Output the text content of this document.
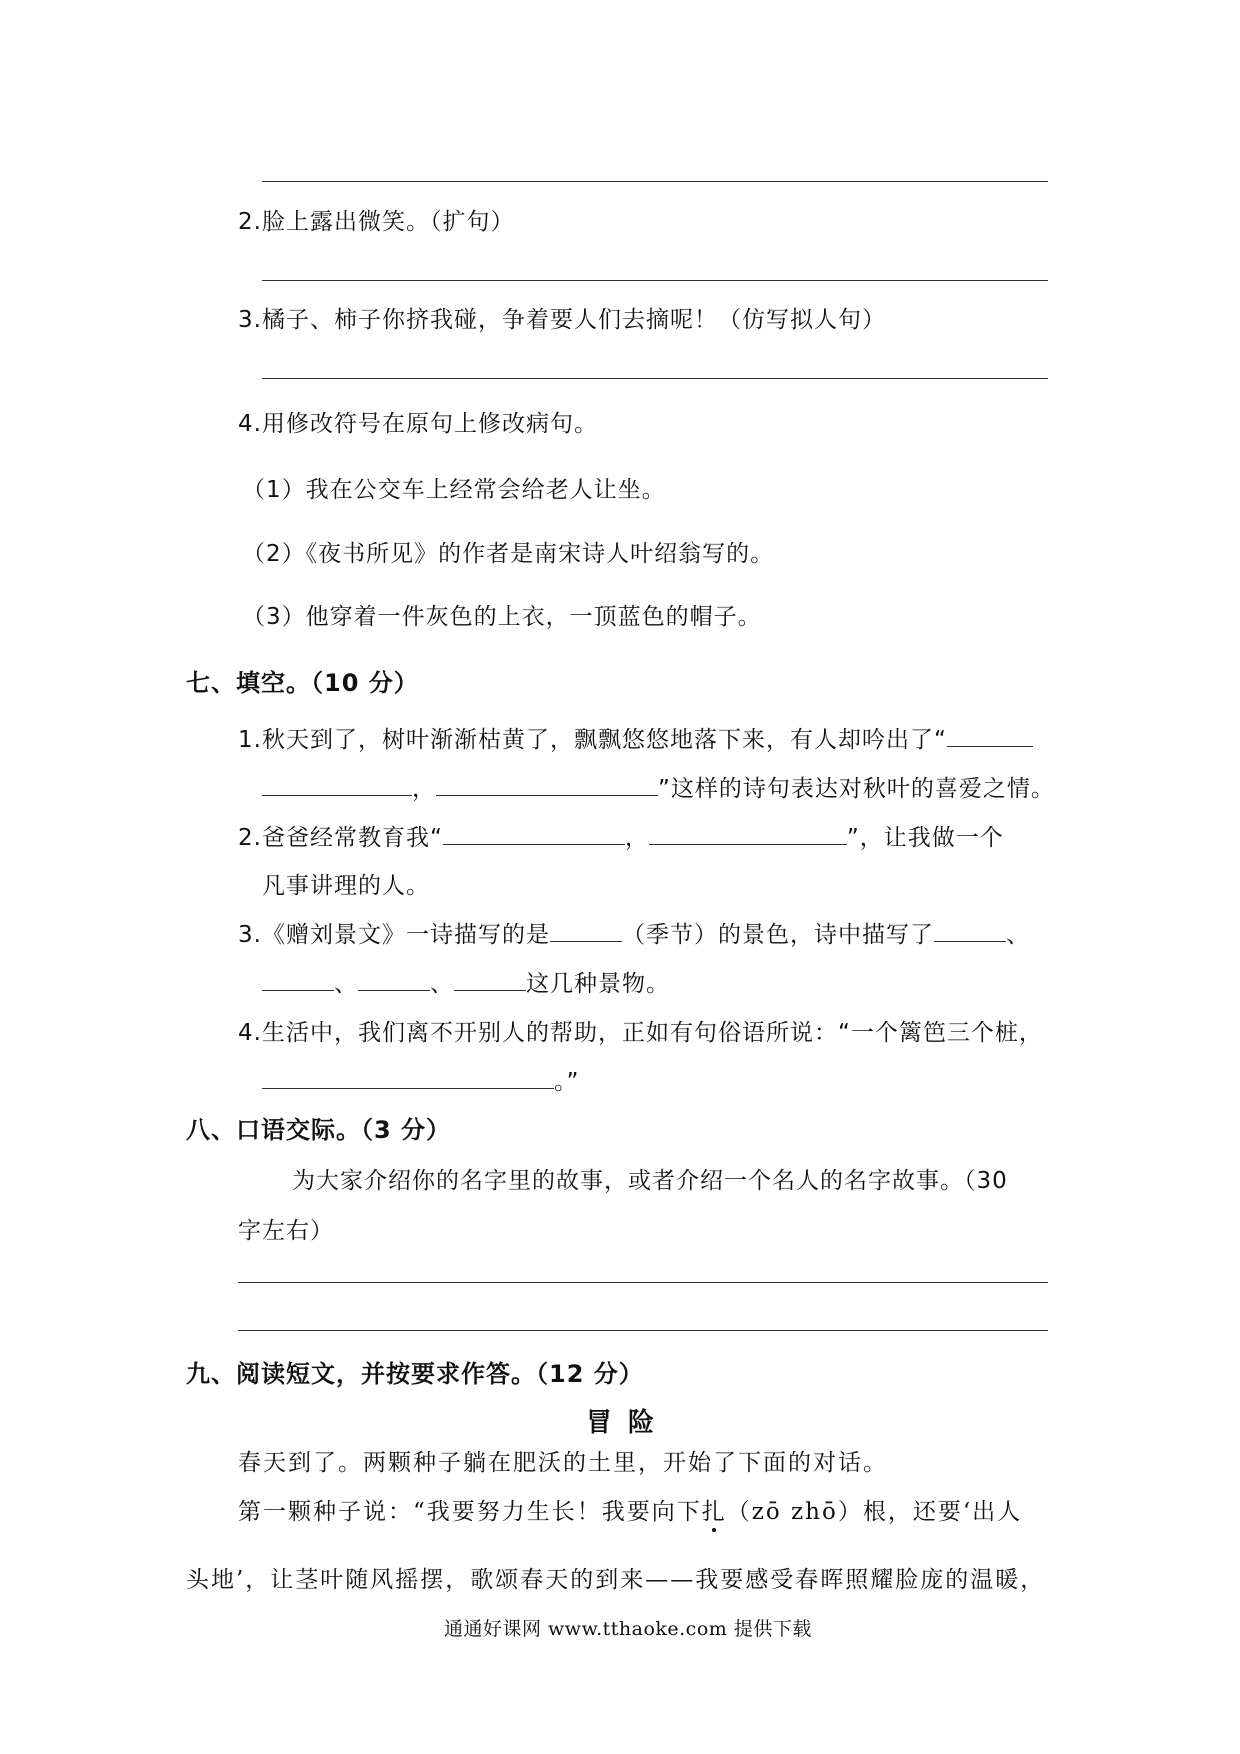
2.脸上露出微笑。（扩句）
3.橘子、柿子你挤我碰，争着要人们去摘呢！（仿写拟人句）
4.用修改符号在原句上修改病句。
（1）我在公交车上经常会给老人让坐。
（2）《夜书所见》的作者是南宋诗人叶绍翁写的。
（3）他穿着一件灰色的上衣，一顶蓝色的帽子。
七、填空。（10 分）
1.秋天到了，树叶渐渐枯黄了，飘飘悠悠地落下来，有人却吟出了“
，	”这样的诗句表达对秋叶的喜爱之情。
2.爸爸经常教育我“	，	”，让我做一个
凡事讲理的人。
3.《赠刘景文》一诗描写的是	（季节）的景色，诗中描写了	、
、	、	这几种景物。
4.生活中，我们离不开别人的帮助，正如有句俗语所说：“一个篱笆三个桩，
。”
八、口语交际。（3 分）
为大家介绍你的名字里的故事，或者介绍一个名人的名字故事。（30
字左右）
九、阅读短文，并按要求作答。（12 分）
冒险
春天到了。两颗种子躺在肥沃的土里，开始了下面的对话。
第一颗种子说：“我要努力生长！我要向下扎（zō zhō）根，还要‘出人
头地’，让茎叶随风摇摆，歌颂春天的到来——我要感受春晖照耀脸庞的温暖，
通通好课网 www.tthaoke.com 提供下载
